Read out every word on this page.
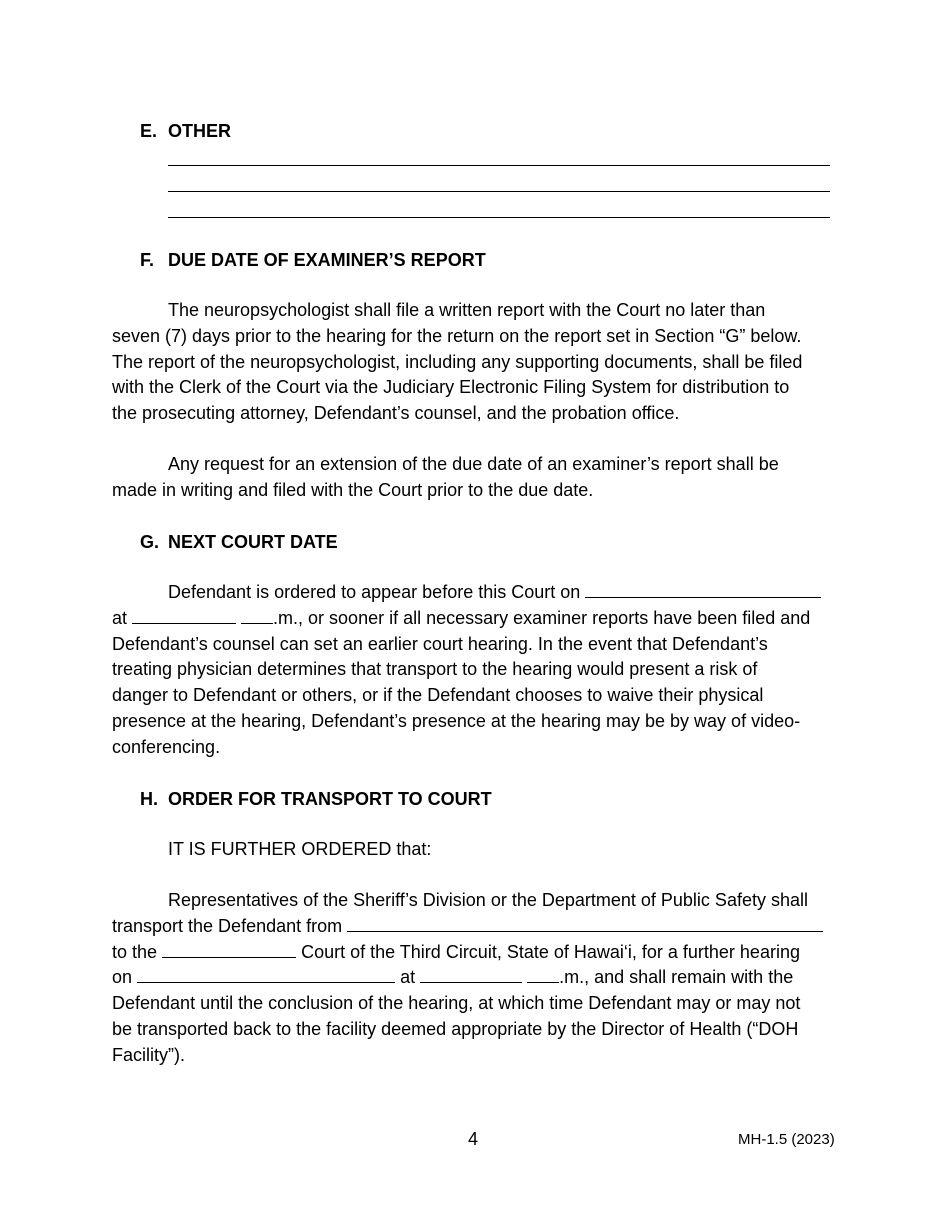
E. OTHER
F. DUE DATE OF EXAMINER’S REPORT
The neuropsychologist shall file a written report with the Court no later than
seven (7) days prior to the hearing for the return on the report set in Section “G” below.
The report of the neuropsychologist, including any supporting documents, shall be filed
with the Clerk of the Court via the Judiciary Electronic Filing System for distribution to
the prosecuting attorney, Defendant’s counsel, and the probation office.
Any request for an extension of the due date of an examiner’s report shall be
made in writing and filed with the Court prior to the due date.
G. NEXT COURT DATE
Defendant is ordered to appear before this Court on
at	.m., or sooner if all necessary examiner reports have been filed and
Defendant’s counsel can set an earlier court hearing. In the event that Defendant’s
treating physician determines that transport to the hearing would present a risk of
danger to Defendant or others, or if the Defendant chooses to waive their physical
presence at the hearing, Defendant’s presence at the hearing may be by way of video-
conferencing.
H. ORDER FOR TRANSPORT TO COURT
IT IS FURTHER ORDERED that:
Representatives of the Sheriff’s Division or the Department of Public Safety shall
transport the Defendant from
to the	Court of the Third Circuit, State of Hawai‘i, for a further hearing
on	at	.m., and shall remain with the
Defendant until the conclusion of the hearing, at which time Defendant may or may not
be transported back to the facility deemed appropriate by the Director of Health (“DOH
Facility”).
4	MH-1.5 (2023)
